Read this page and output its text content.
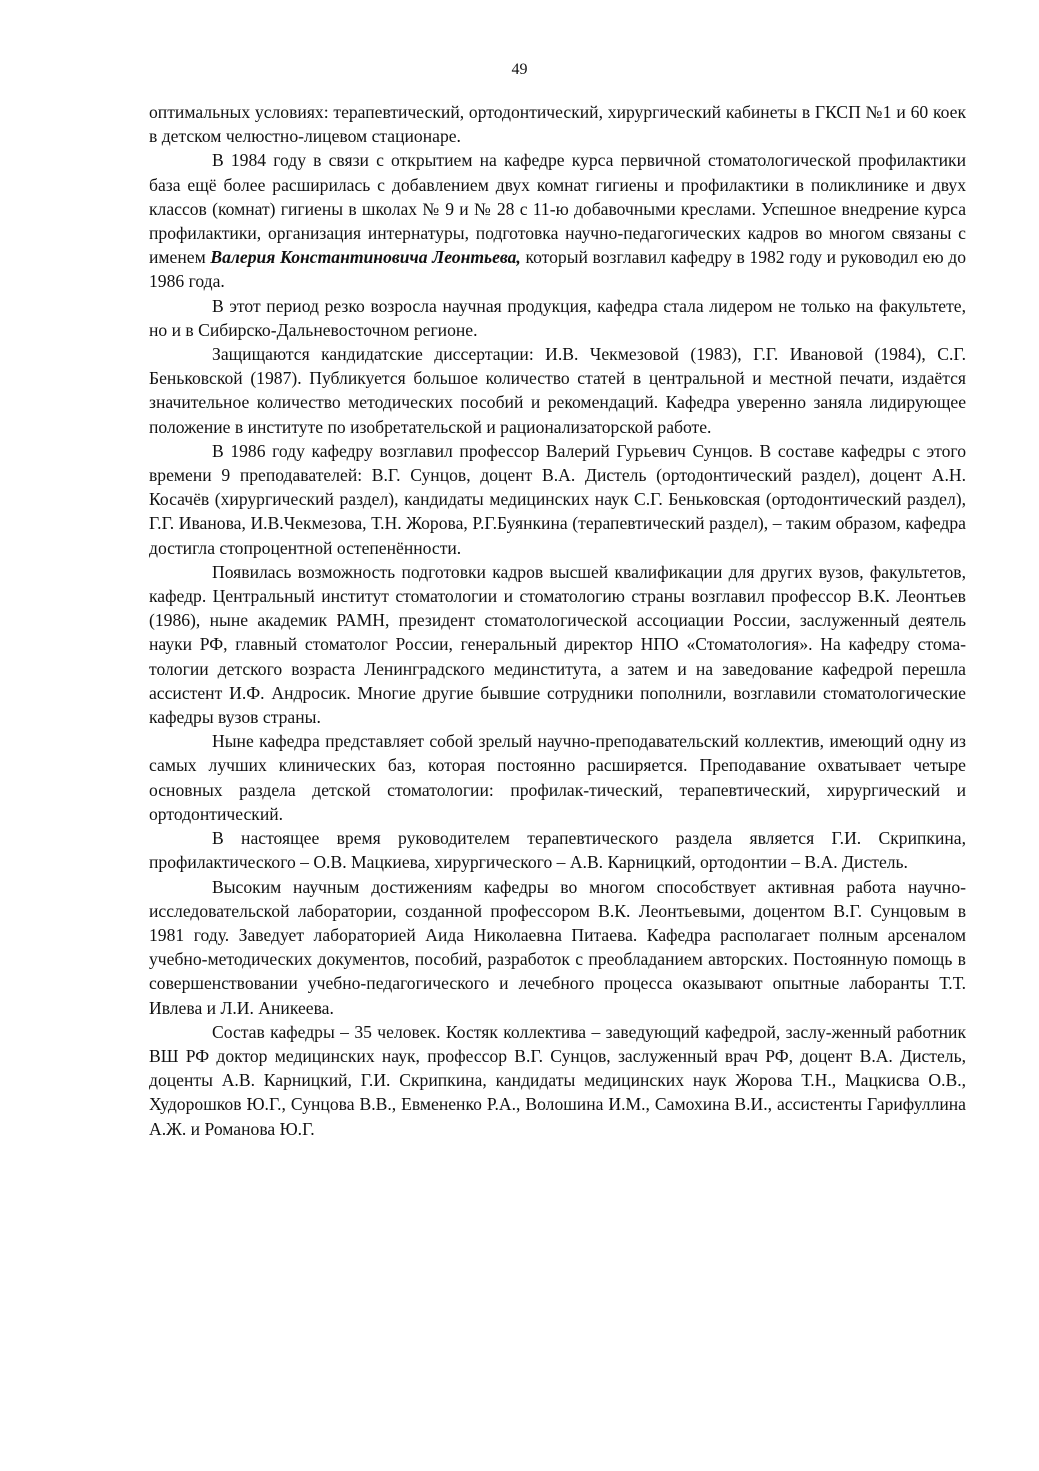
49

оптимальных условиях: терапевтический, ортодонтический, хирургический кабинеты в ГКСП №1 и 60 коек в детском челюстно-лицевом стационаре.

В 1984 году в связи с открытием на кафедре курса первичной стоматологической профилактики база ещё более расширилась с добавлением двух комнат гигиены и профилактики в поликлинике и двух классов (комнат) гигиены в школах № 9 и № 28 с 11-ю добавочными креслами. Успешное внедрение курса профилактики, организация интернатуры, подготовка научно-педагогических кадров во многом связаны с именем Валерия Константиновича Леонтьева, который возглавил кафедру в 1982 году и руководил ею до 1986 года.

В этот период резко возросла научная продукция, кафедра стала лидером не только на факультете, но и в Сибирско-Дальневосточном регионе.

Защищаются кандидатские диссертации: И.В. Чекмезовой (1983), Г.Г. Ивановой (1984), С.Г. Беньковской (1987). Публикуется большое количество статей в центральной и местной печати, издаётся значительное количество методических пособий и рекомендаций. Кафедра уверенно заняла лидирующее положение в институте по изобретательской и рационализаторской работе.

В 1986 году кафедру возглавил профессор Валерий Гурьевич Сунцов. В составе кафедры с этого времени 9 преподавателей: В.Г. Сунцов, доцент В.А. Дистель (ортодонтический раздел), доцент А.Н. Косачёв (хирургический раздел), кандидаты медицинских наук С.Г. Беньковская (ортодонтический раздел), Г.Г. Иванова, И.В.Чекмезова, Т.Н. Жорова, Р.Г.Буянкина (терапевтический раздел), – таким образом, кафедра достигла стопроцентной остепенённости.

Появилась возможность подготовки кадров высшей квалификации для других вузов, факультетов, кафедр. Центральный институт стоматологии и стоматологию страны возглавил профессор В.К. Леонтьев (1986), ныне академик РАМН, президент стоматологической ассоциации России, заслуженный деятель науки РФ, главный стоматолог России, генеральный директор НПО «Стоматология». На кафедру стома-тологии детского возраста Ленинградского мединститута, а затем и на заведование кафедрой перешла ассистент И.Ф. Андросик. Многие другие бывшие сотрудники пополнили, возглавили стоматологические кафедры вузов страны.

Ныне кафедра представляет собой зрелый научно-преподавательский коллектив, имеющий одну из самых лучших клинических баз, которая постоянно расширяется. Преподавание охватывает четыре основных раздела детской стоматологии: профилак-тический, терапевтический, хирургический и ортодонтический.

В настоящее время руководителем терапевтического раздела является Г.И. Скрипкина, профилактического – О.В. Мацкиева, хирургического – А.В. Карницкий, ортодонтии – В.А. Дистель.

Высоким научным достижениям кафедры во многом способствует активная работа научно-исследовательской лаборатории, созданной профессором В.К. Леонтьевыми, доцентом В.Г. Сунцовым в 1981 году. Заведует лабораторией Аида Николаевна Питаева. Кафедра располагает полным арсеналом учебно-методических документов, пособий, разработок с преобладанием авторских. Постоянную помощь в совершенствовании учебно-педагогического и лечебного процесса оказывают опытные лаборанты Т.Т. Ивлева и Л.И. Аникеева.

Состав кафедры – 35 человек. Костяк коллектива – заведующий кафедрой, заслу-женный работник ВШ РФ доктор медицинских наук, профессор В.Г. Сунцов, заслуженный врач РФ, доцент В.А. Дистель, доценты А.В. Карницкий, Г.И. Скрипкина, кандидаты медицинских наук Жорова Т.Н., Мацкисва О.В., Худорошков Ю.Г., Сунцова В.В., Евмененко Р.А., Волошина И.М., Самохина В.И., ассистенты Гарифуллина А.Ж. и Романова Ю.Г.
